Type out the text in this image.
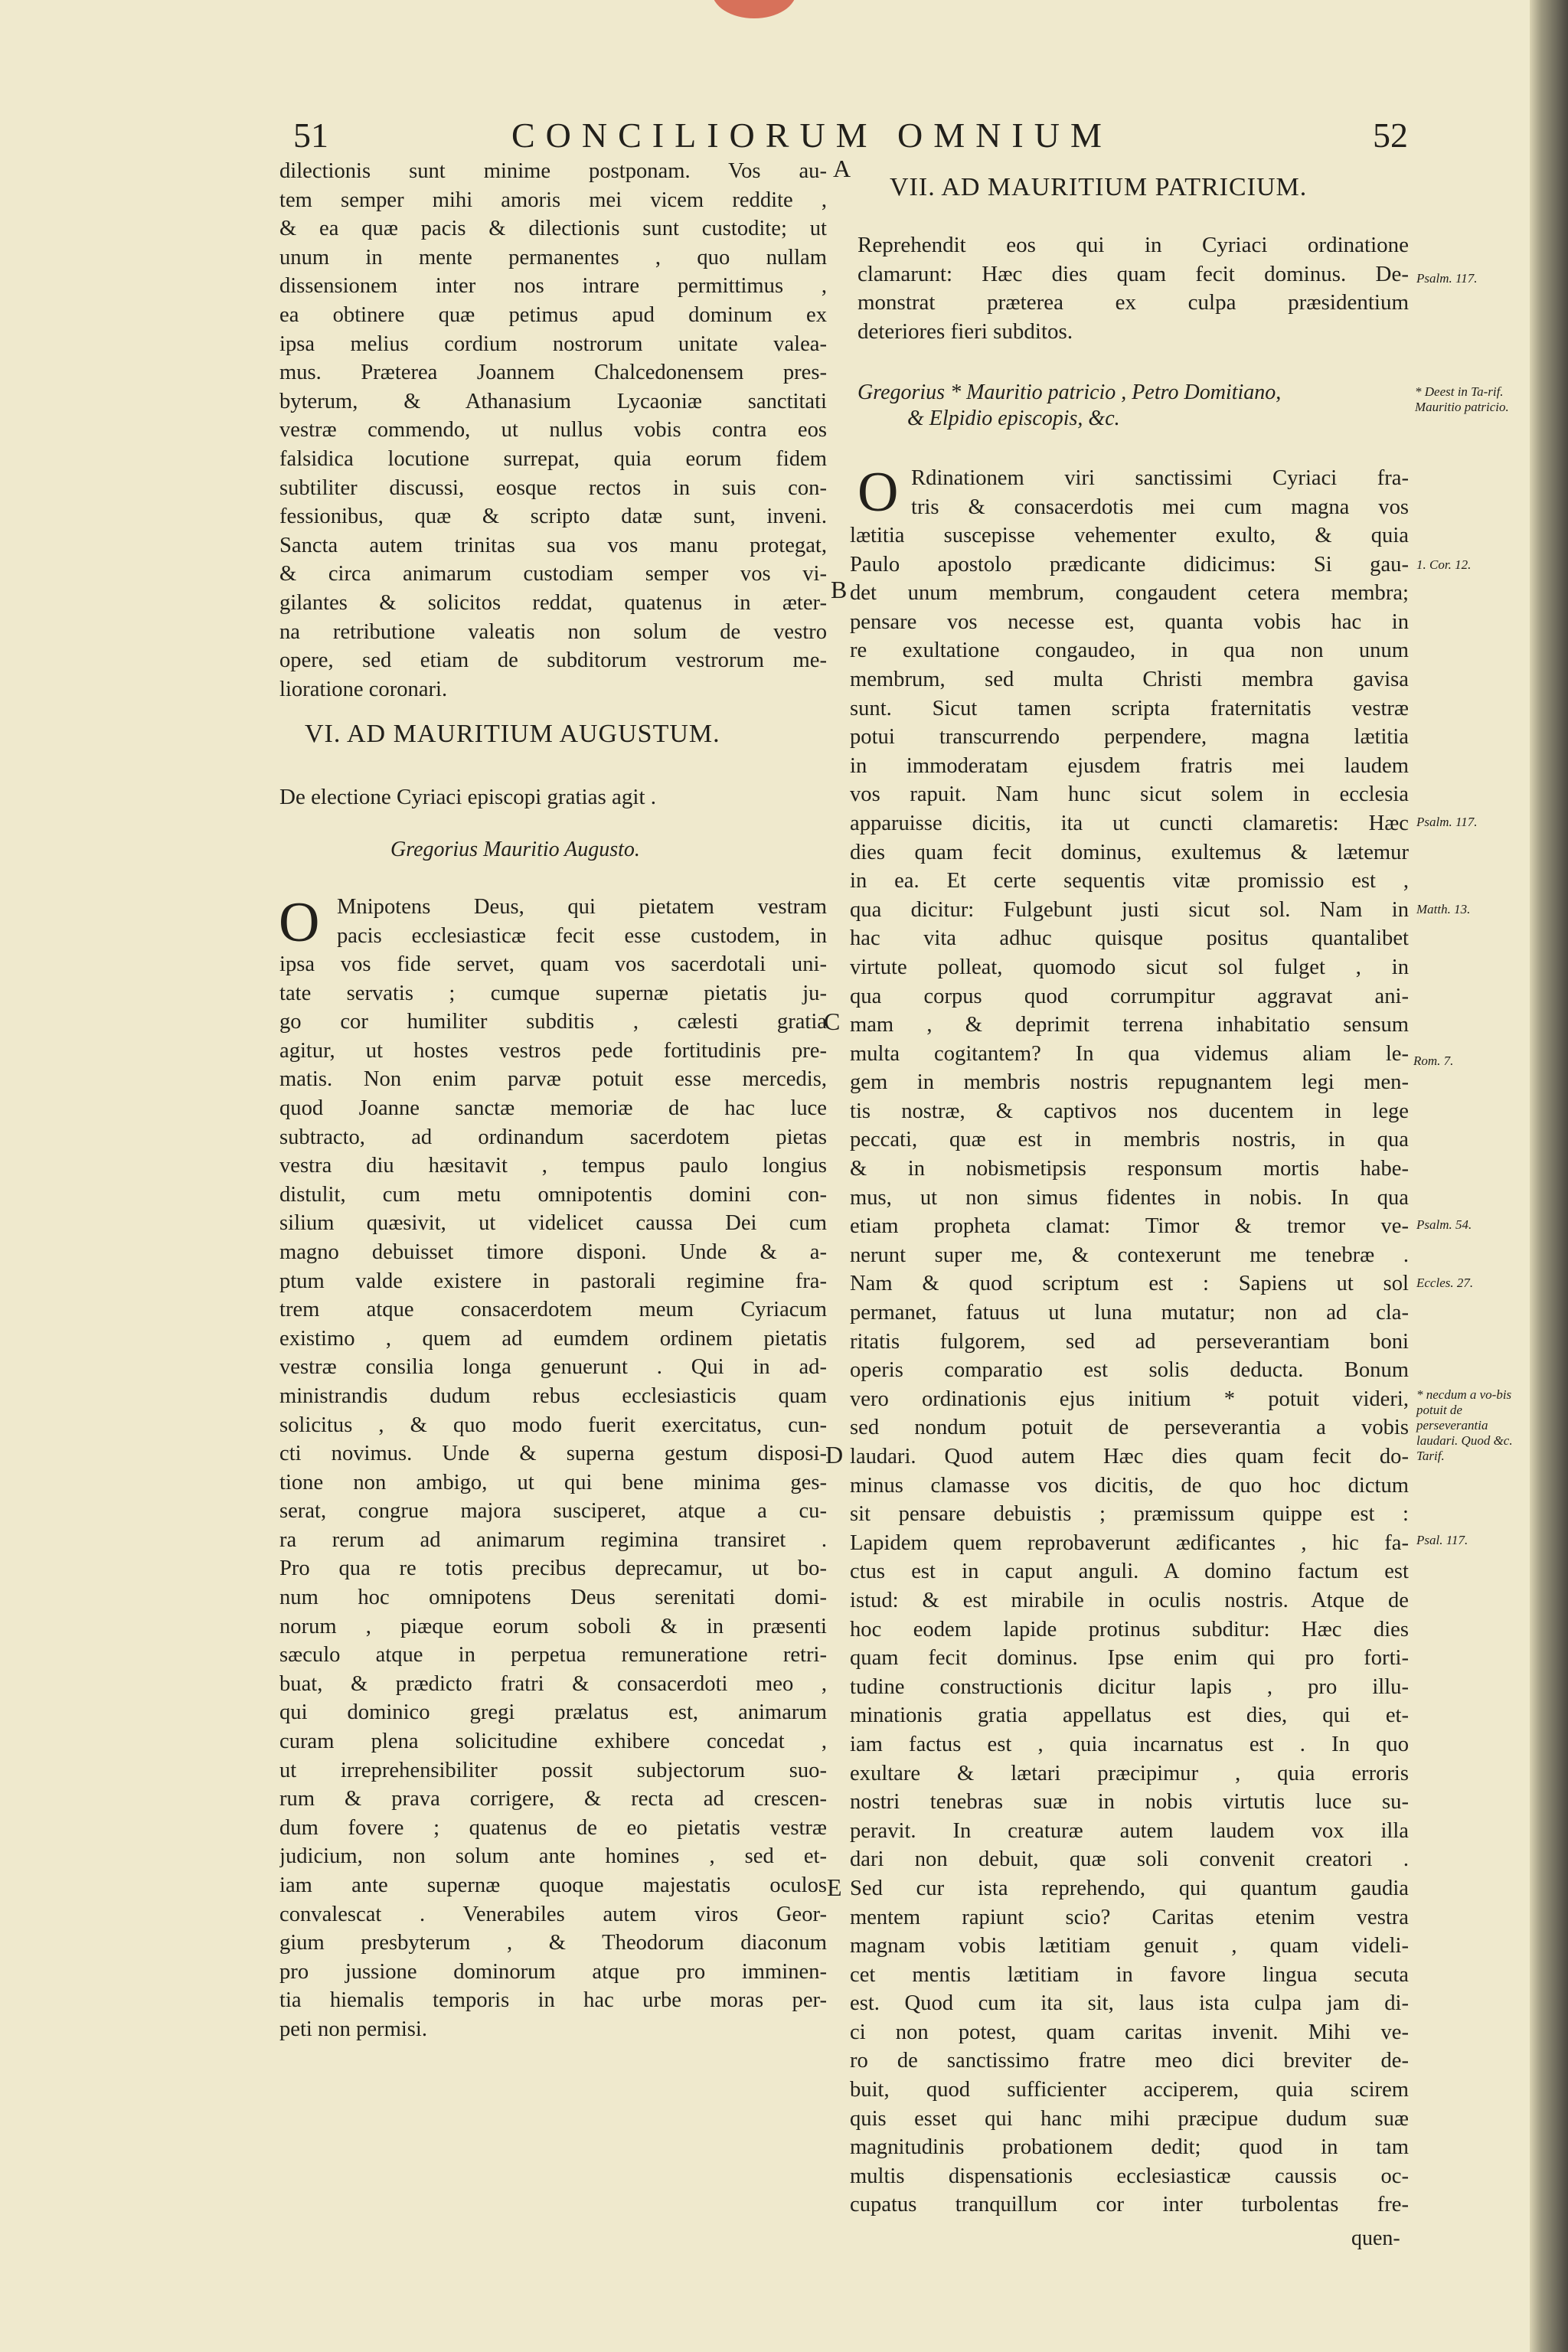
51	CONCILIORUM OMNIUM	52

dilectionis sunt minime postponam. Vos au-

tem semper mihi amoris mei vicem reddite ,

& ea quæ pacis & dilectionis sunt custodite; ut

unum in mente permanentes , quo nullam

dissensionem inter nos intrare permittimus ,

ea obtinere quæ petimus apud dominum ex

ipsa melius cordium nostrorum unitate valea-

mus. Præterea Joannem Chalcedonensem pres-

byterum, & Athanasium Lycaoniæ sanctitati

vestræ commendo, ut nullus vobis contra eos

falsidica locutione surrepat, quia eorum fidem

subtiliter discussi, eosque rectos in suis con-

fessionibus, quæ & scripto datæ sunt, inveni.

Sancta autem trinitas sua vos manu protegat,

& circa animarum custodiam semper vos vi-

gilantes & solicitos reddat, quatenus in æter-

na retributione valeatis non solum de vestro

opere, sed etiam de subditorum vestrorum me-

lioratione coronari.

VI. AD MAURITIUM AUGUSTUM.
De electione Cyriaci episcopi gratias agit .
Gregorius Mauritio Augusto.
O Mnipotens Deus, qui pietatem vestram

pacis ecclesiasticæ fecit esse custodem, in

ipsa vos fide servet, quam vos sacerdotali uni-

tate servatis ; cumque supernæ pietatis ju-

go cor humiliter subditis , cælesti gratia

agitur, ut hostes vestros pede fortitudinis pre-

matis. Non enim parvæ potuit esse mercedis,

quod Joanne sanctæ memoriæ de hac luce

subtracto, ad ordinandum sacerdotem pietas

vestra diu hæsitavit , tempus paulo longius

distulit, cum metu omnipotentis domini con-

silium quæsivit, ut videlicet caussa Dei cum

magno debuisset timore disponi. Unde & a-

ptum valde existere in pastorali regimine fra-

trem atque consacerdotem meum Cyriacum

existimo , quem ad eumdem ordinem pietatis

vestræ consilia longa genuerunt . Qui in ad-

ministrandis dudum rebus ecclesiasticis quam

solicitus , & quo modo fuerit exercitatus, cun-

cti novimus. Unde & superna gestum disposi-

tione non ambigo, ut qui bene minima ges-

serat, congrue majora susciperet, atque a cu-

ra rerum ad animarum regimina transiret .

Pro qua re totis precibus deprecamur, ut bo-

num hoc omnipotens Deus serenitati domi-

norum , piæque eorum soboli & in præsenti

sæculo atque in perpetua remuneratione retri-

buat, & prædicto fratri & consacerdoti meo ,

qui dominico gregi prælatus est, animarum

curam plena solicitudine exhibere concedat ,

ut irreprehensibiliter possit subjectorum suo-

rum & prava corrigere, & recta ad crescen-

dum fovere ; quatenus de eo pietatis vestræ

judicium, non solum ante homines , sed et-

iam ante supernæ quoque majestatis oculos

convalescat . Venerabiles autem viros Geor-

gium presbyterum , & Theodorum diaconum

pro jussione dominorum atque pro imminen-

tia hiemalis temporis in hac urbe moras per-

peti non permisi.

VII. AD MAURITIUM PATRICIUM.

Reprehendit eos qui in Cyriaci ordinatione

clamarunt: Hæc dies quam fecit dominus. De-

monstrat præterea ex culpa præsidentium

deteriores fieri subditos.

Gregorius * Mauritio patricio , Petro Domitiano,
& Elpidio episcopis, &c.
O Rdinationem viri sanctissimi Cyriaci fra-

tris & consacerdotis mei cum magna vos

lætitia suscepisse vehementer exulto, & quia

Paulo apostolo prædicante didicimus: Si gau-

det unum membrum, congaudent cetera membra;

pensare vos necesse est, quanta vobis hac in

re exultatione congaudeo, in qua non unum

membrum, sed multa Christi membra gavisa

sunt. Sicut tamen scripta fraternitatis vestræ

potui transcurrendo perpendere, magna lætitia

in immoderatam ejusdem fratris mei laudem

vos rapuit. Nam hunc sicut solem in ecclesia

apparuisse dicitis, ita ut cuncti clamaretis: Hæc

dies quam fecit dominus, exultemus & lætemur

in ea. Et certe sequentis vitæ promissio est ,

qua dicitur: Fulgebunt justi sicut sol. Nam in

hac vita adhuc quisque positus quantalibet

virtute polleat, quomodo sicut sol fulget , in

qua corpus quod corrumpitur aggravat ani-

mam , & deprimit terrena inhabitatio sensum

multa cogitantem? In qua videmus aliam le-

gem in membris nostris repugnantem legi men-

tis nostræ, & captivos nos ducentem in lege

peccati, quæ est in membris nostris, in qua

& in nobismetipsis responsum mortis habe-

mus, ut non simus fidentes in nobis. In qua

etiam propheta clamat: Timor & tremor ve-

nerunt super me, & contexerunt me tenebræ .

Nam & quod scriptum est : Sapiens ut sol

permanet, fatuus ut luna mutatur; non ad cla-

ritatis fulgorem, sed ad perseverantiam boni

operis comparatio est solis deducta. Bonum

vero ordinationis ejus initium * potuit videri,

sed nondum potuit de perseverantia a vobis

laudari. Quod autem Hæc dies quam fecit do-

minus clamasse vos dicitis, de quo hoc dictum

sit pensare debuistis ; præmissum quippe est :

Lapidem quem reprobaverunt ædificantes , hic fa-

ctus est in caput anguli. A domino factum est

istud: & est mirabile in oculis nostris. Atque de

hoc eodem lapide protinus subditur: Hæc dies

quam fecit dominus. Ipse enim qui pro forti-

tudine constructionis dicitur lapis , pro illu-

minationis gratia appellatus est dies, qui et-

iam factus est , quia incarnatus est . In quo

exultare & lætari præcipimur , quia erroris

nostri tenebras suæ in nobis virtutis luce su-

peravit. In creaturæ autem laudem vox illa

dari non debuit, quæ soli convenit creatori .

Sed cur ista reprehendo, qui quantum gaudia

mentem rapiunt scio? Caritas etenim vestra

magnam vobis lætitiam genuit , quam videli-

cet mentis lætitiam in favore lingua secuta

est. Quod cum ita sit, laus ista culpa jam di-

ci non potest, quam caritas invenit. Mihi ve-

ro de sanctissimo fratre meo dici breviter de-

buit, quod sufficienter acciperem, quia scirem

quis esset qui hanc mihi præcipue dudum suæ

magnitudinis probationem dedit; quod in tam

multis dispensationis ecclesiasticæ caussis oc-

cupatus tranquillum cor inter turbolentas fre-

quen-
A
B
C
D
E
Psalm. 117.
* Deest in Ta-rif. Mauritio patricio.
1. Cor. 12.
Psalm. 117.
Matth. 13.
Rom. 7.
Psalm. 54.
Eccles. 27.
* necdum a vo-bis potuit de perseverantia laudari. Quod &c. Tarif.
Psal. 117.
